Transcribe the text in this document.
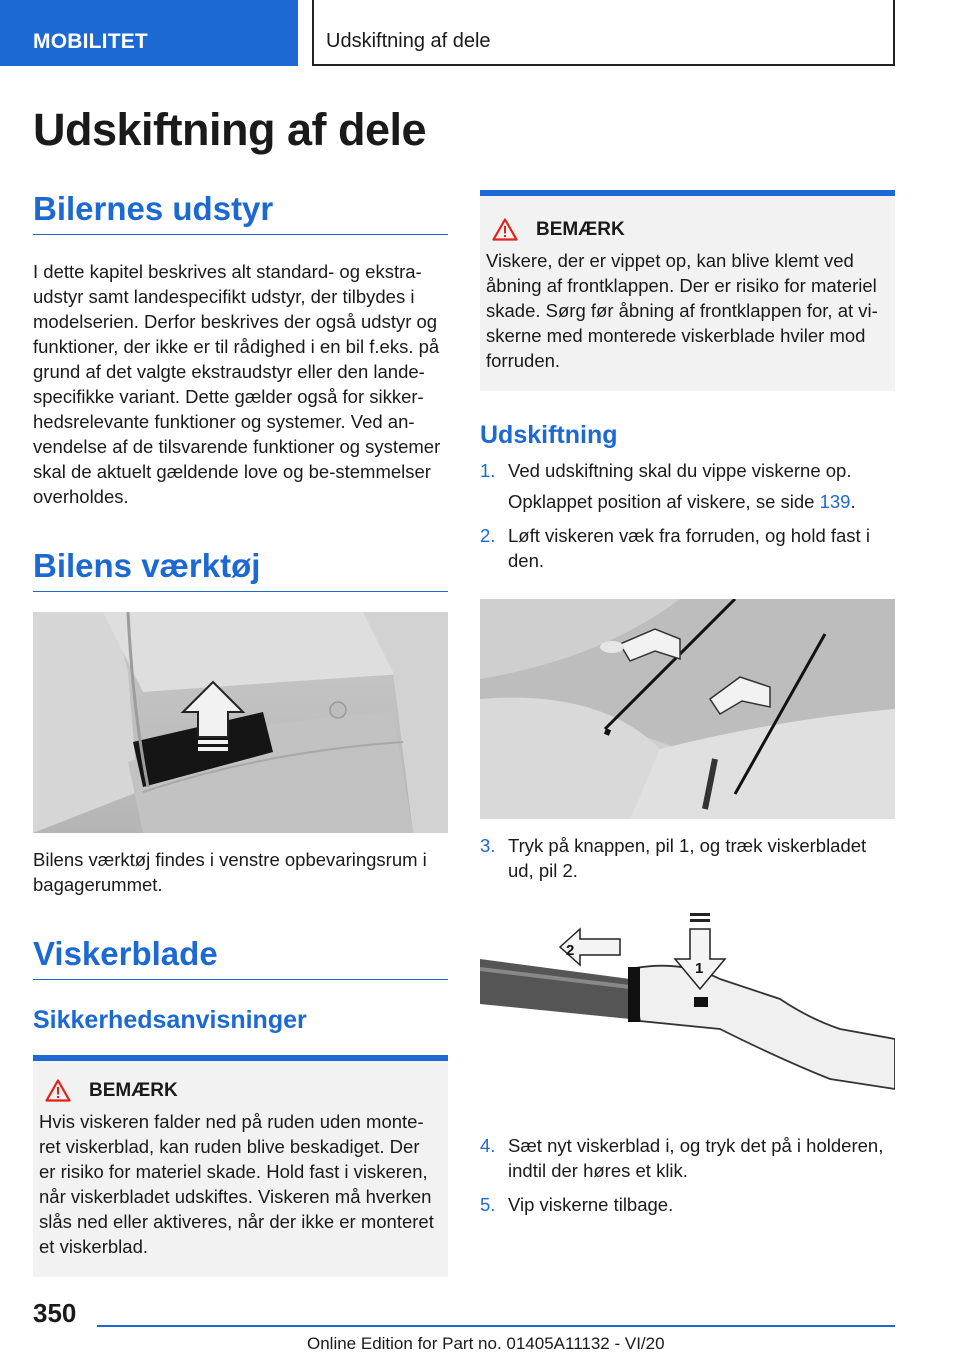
MOBILITET	Udskiftning af dele
Udskiftning af dele
Bilernes udstyr

I dette kapitel beskrives alt standard- og ekstra-udstyr samt landespecifikt udstyr, der tilbydes i modelserien. Derfor beskrives der også udstyr og funktioner, der ikke er til rådighed i en bil f.eks. på grund af det valgte ekstraudstyr eller den lande-specifikke variant. Dette gælder også for sikker-hedsrelevante funktioner og systemer. Ved an-vendelse af de tilsvarende funktioner og systemer skal de aktuelt gældende love og be-stemmelser overholdes.

Bilens værktøj

Bilens værktøj findes i venstre opbevaringsrum i bagagerummet.

Viskerblade
Sikkerhedsanvisninger
BEMÆRK

Hvis viskeren falder ned på ruden uden monte-ret viskerblad, kan ruden blive beskadiget. Der er risiko for materiel skade. Hold fast i viskeren, når viskerbladet udskiftes. Viskeren må hverken slås ned eller aktiveres, når der ikke er monteret et viskerblad.

BEMÆRK

Viskere, der er vippet op, kan blive klemt ved åbning af frontklappen. Der er risiko for materiel skade. Sørg før åbning af frontklappen for, at vi-skerne med monterede viskerblade hviler mod forruden.

Udskiftning
1. Ved udskiftning skal du vippe viskerne op.
Opklappet position af viskere, se side 139.
2. Løft viskeren væk fra forruden, og hold fast i den.
3. Tryk på knappen, pil 1, og træk viskerbladet ud, pil 2.
2
1
4. Sæt nyt viskerblad i, og tryk det på i holderen, indtil der høres et klik.
5. Vip viskerne tilbage.
350
Online Edition for Part no. 01405A11132 - VI/20
